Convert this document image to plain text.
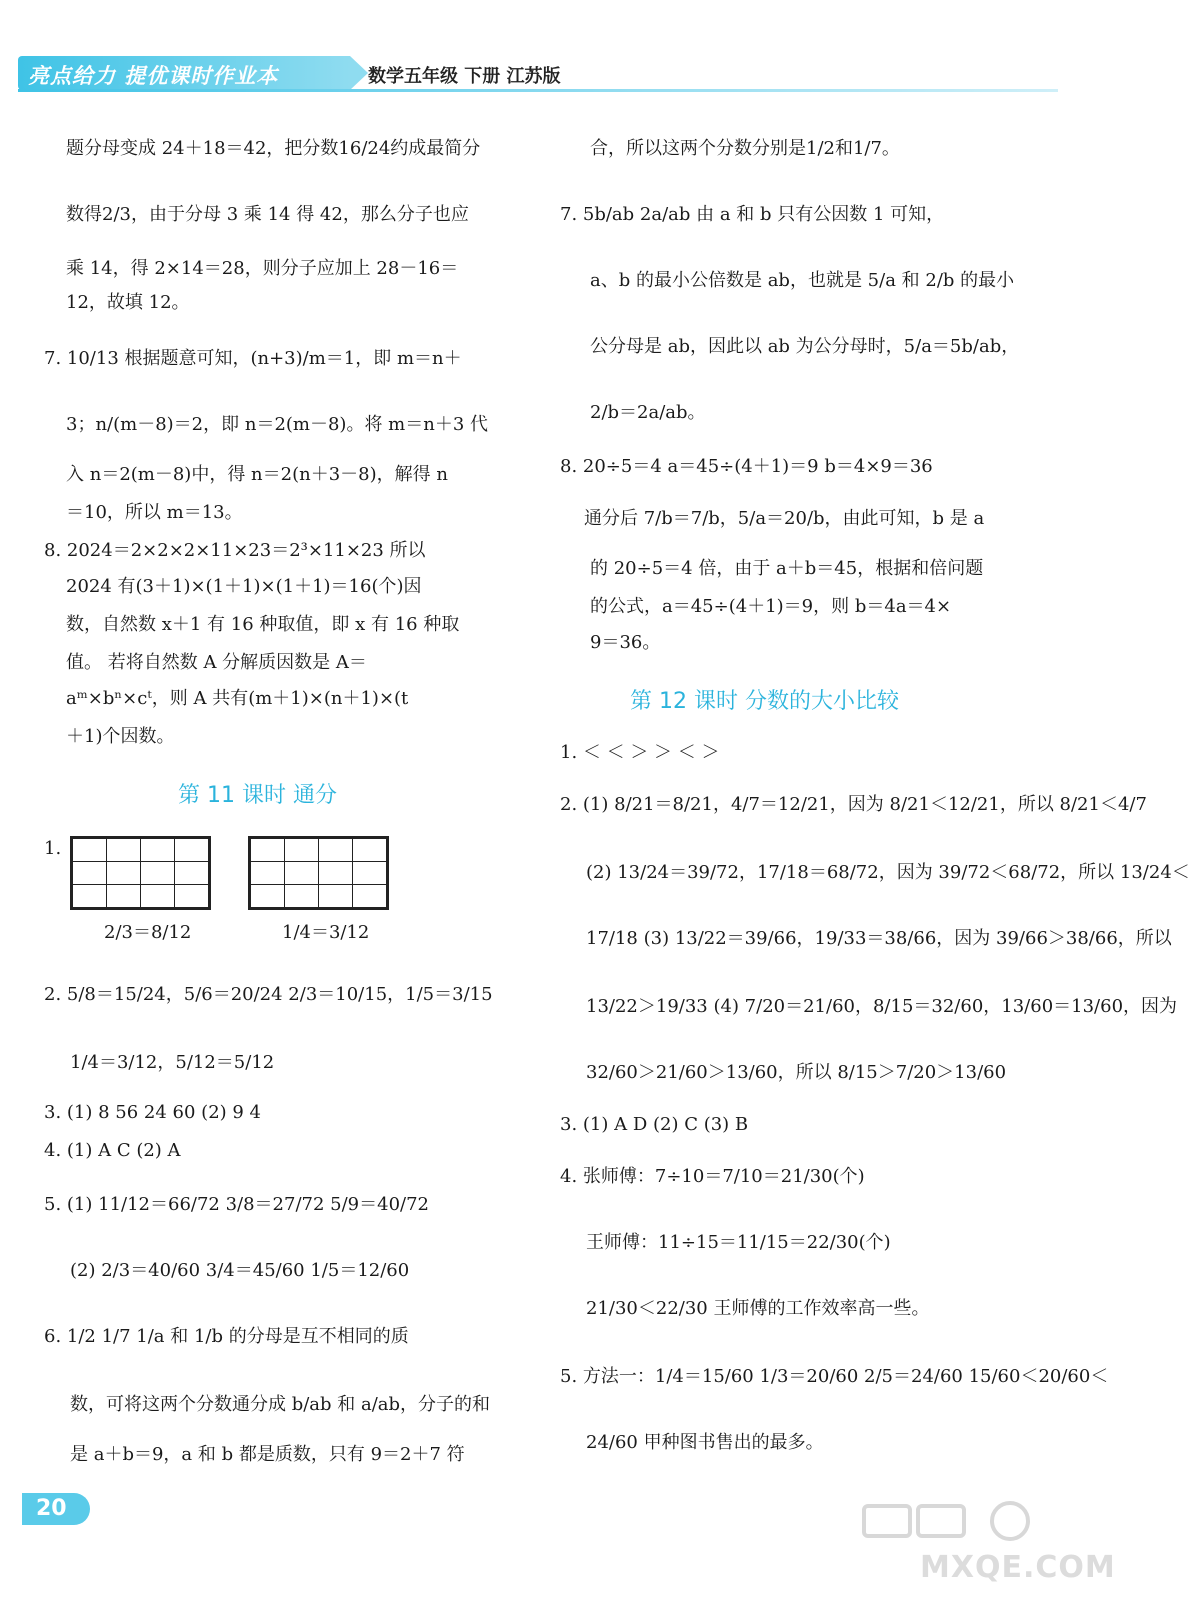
亮点给力 提优课时作业本	数学五年级 下册 江苏版
题分母变成 24＋18＝42，把分数16/24约成最简分
数得2/3，由于分母 3 乘 14 得 42，那么分子也应
乘 14，得 2×14＝28，则分子应加上 28－16＝
12，故填 12。
7. 10/13 根据题意可知，(n+3)/m＝1，即 m＝n＋
3；n/(m－8)＝2，即 n＝2(m－8)。将 m＝n＋3 代
入 n＝2(m－8)中，得 n＝2(n＋3－8)，解得 n
＝10，所以 m＝13。
8. 2024＝2×2×2×11×23＝2³×11×23 所以
2024 有(3＋1)×(1＋1)×(1＋1)＝16(个)因
数，自然数 x＋1 有 16 种取值，即 x 有 16 种取
值。 若将自然数 A 分解质因数是 A＝
aᵐ×bⁿ×cᵗ，则 A 共有(m＋1)×(n＋1)×(t
＋1)个因数。
第 11 课时 通分
1.

2/3＝8/12	1/4＝3/12
2. 5/8＝15/24，5/6＝20/24 2/3＝10/15，1/5＝3/15
1/4＝3/12，5/12＝5/12
3. (1) 8 56 24 60 (2) 9 4
4. (1) A C (2) A
5. (1) 11/12＝66/72 3/8＝27/72 5/9＝40/72
(2) 2/3＝40/60 3/4＝45/60 1/5＝12/60
6. 1/2 1/7 1/a 和 1/b 的分母是互不相同的质
数，可将这两个分数通分成 b/ab 和 a/ab，分子的和
是 a＋b＝9，a 和 b 都是质数，只有 9＝2＋7 符
合，所以这两个分数分别是1/2和1/7。
7. 5b/ab 2a/ab 由 a 和 b 只有公因数 1 可知，
a、b 的最小公倍数是 ab，也就是 5/a 和 2/b 的最小
公分母是 ab，因此以 ab 为公分母时，5/a＝5b/ab，
2/b＝2a/ab。
8. 20÷5＝4 a＝45÷(4＋1)＝9 b＝4×9＝36
通分后 7/b＝7/b，5/a＝20/b，由此可知，b 是 a
的 20÷5＝4 倍，由于 a＋b＝45，根据和倍问题
的公式，a＝45÷(4＋1)＝9，则 b＝4a＝4×
9＝36。
第 12 课时 分数的大小比较
1. ＜ ＜ ＞ ＞ ＜ ＞
2. (1) 8/21＝8/21，4/7＝12/21，因为 8/21＜12/21，所以 8/21＜4/7
(2) 13/24＝39/72，17/18＝68/72，因为 39/72＜68/72，所以 13/24＜
17/18 (3) 13/22＝39/66，19/33＝38/66，因为 39/66＞38/66，所以
13/22＞19/33 (4) 7/20＝21/60，8/15＝32/60，13/60＝13/60，因为
32/60＞21/60＞13/60，所以 8/15＞7/20＞13/60
3. (1) A D (2) C (3) B
4. 张师傅：7÷10＝7/10＝21/30(个)
王师傅：11÷15＝11/15＝22/30(个)
21/30＜22/30 王师傅的工作效率高一些。
5. 方法一：1/4＝15/60 1/3＝20/60 2/5＝24/60 15/60＜20/60＜
24/60 甲种图书售出的最多。
20
MXQE.COM
